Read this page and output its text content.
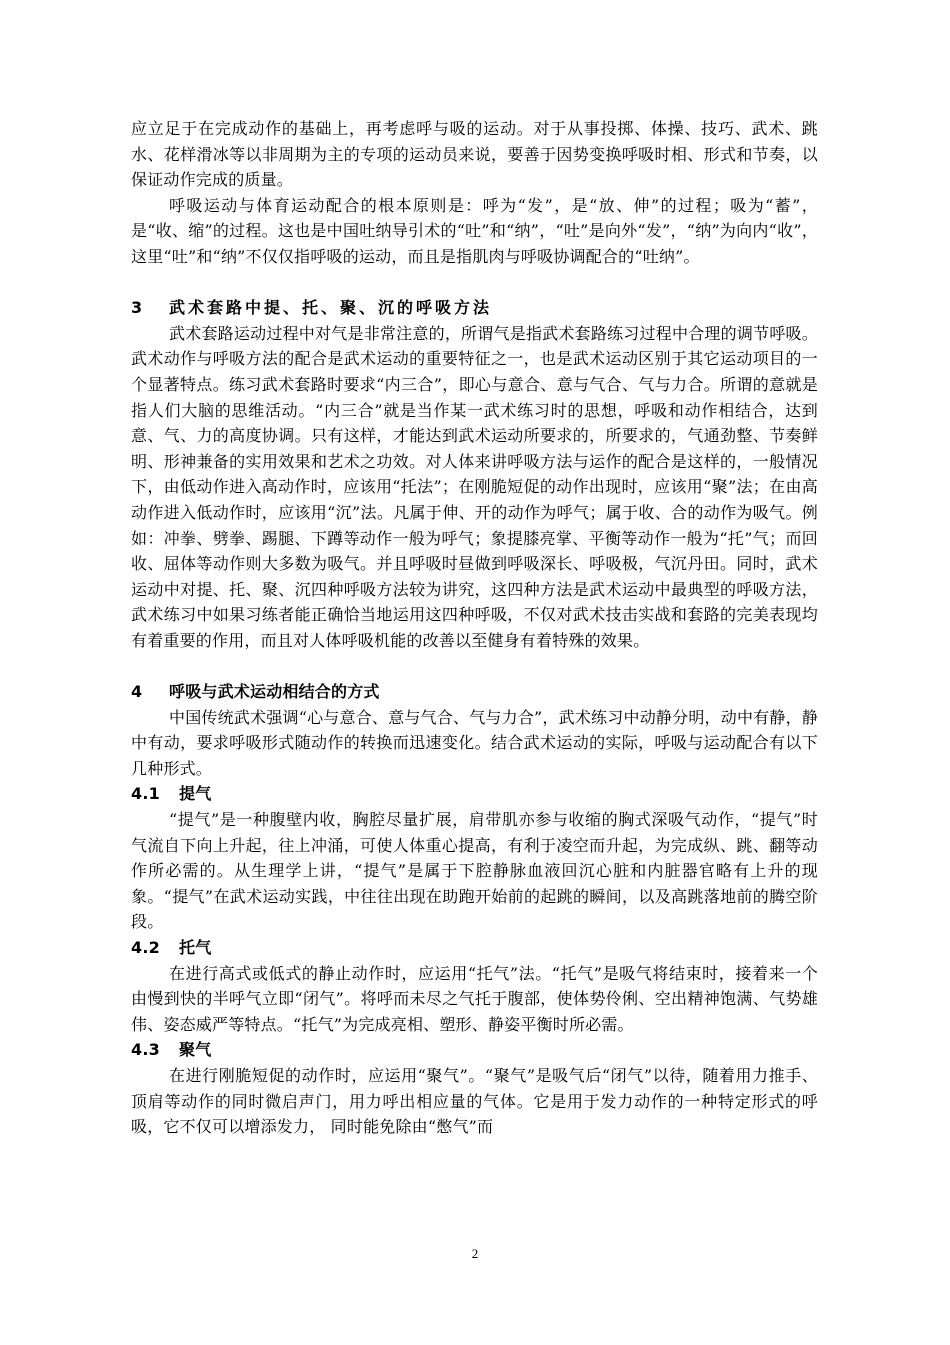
应立足于在完成动作的基础上，再考虑呼与吸的运动。对于从事投掷、体操、技巧、武术、跳水、花样滑冰等以非周期为主的专项的运动员来说，要善于因势变换呼吸时相、形式和节奏，以保证动作完成的质量。

呼吸运动与体育运动配合的根本原则是：呼为“发”，是“放、伸”的过程；吸为“蓄”，是“收、缩”的过程。这也是中国吐纳导引术的“吐”和“纳”，“吐”是向外“发”，“纳”为向内“收”，这里“吐”和“纳”不仅仅指呼吸的运动，而且是指肌肉与呼吸协调配合的“吐纳”。

3 武术套路中提、托、聚、沉的呼吸方法

武术套路运动过程中对气是非常注意的，所谓气是指武术套路练习过程中合理的调节呼吸。武术动作与呼吸方法的配合是武术运动的重要特征之一，也是武术运动区别于其它运动项目的一个显著特点。练习武术套路时要求“内三合”，即心与意合、意与气合、气与力合。所谓的意就是指人们大脑的思维活动。“内三合”就是当作某一武术练习时的思想，呼吸和动作相结合，达到意、气、力的高度协调。只有这样，才能达到武术运动所要求的，所要求的，气通劲整、节奏鲜明、形神兼备的实用效果和艺术之功效。对人体来讲呼吸方法与运作的配合是这样的，一般情况下，由低动作进入高动作时，应该用“托法”；在刚脆短促的动作出现时，应该用“聚”法；在由高动作进入低动作时，应该用“沉”法。凡属于伸、开的动作为呼气；属于收、合的动作为吸气。例如：冲拳、劈拳、踢腿、下蹲等动作一般为呼气；象提膝亮掌、平衡等动作一般为“托”气；而回收、屈体等动作则大多数为吸气。并且呼吸时昼做到呼吸深长、呼吸极，气沉丹田。同时，武术运动中对提、托、聚、沉四种呼吸方法较为讲究，这四种方法是武术运动中最典型的呼吸方法，武术练习中如果习练者能正确恰当地运用这四种呼吸，不仅对武术技击实战和套路的完美表现均有着重要的作用，而且对人体呼吸机能的改善以至健身有着特殊的效果。

4 呼吸与武术运动相结合的方式

中国传统武术强调“心与意合、意与气合、气与力合”，武术练习中动静分明，动中有静，静中有动，要求呼吸形式随动作的转换而迅速变化。结合武术运动的实际，呼吸与运动配合有以下几种形式。

4.1 提气

“提气”是一种腹壁内收，胸腔尽量扩展，肩带肌亦参与收缩的胸式深吸气动作，“提气”时气流自下向上升起，往上冲涌，可使人体重心提高，有利于凌空而升起，为完成纵、跳、翻等动作所必需的。从生理学上讲，“提气”是属于下腔静脉血液回沉心脏和内脏器官略有上升的现象。“提气”在武术运动实践，中往往出现在助跑开始前的起跳的瞬间，以及高跳落地前的腾空阶段。

4.2 托气

在进行高式或低式的静止动作时，应运用“托气”法。“托气”是吸气将结束时，接着来一个由慢到快的半呼气立即“闭气”。将呼而未尽之气托于腹部，使体势伶俐、空出精神饱满、气势雄伟、姿态威严等特点。“托气”为完成亮相、塑形、静姿平衡时所必需。

4.3 聚气

在进行刚脆短促的动作时，应运用“聚气”。“聚气”是吸气后“闭气”以待，随着用力推手、顶肩等动作的同时微启声门，用力呼出相应量的气体。它是用于发力动作的一种特定形式的呼吸，它不仅可以增添发力， 同时能免除由“憋气”而

2
